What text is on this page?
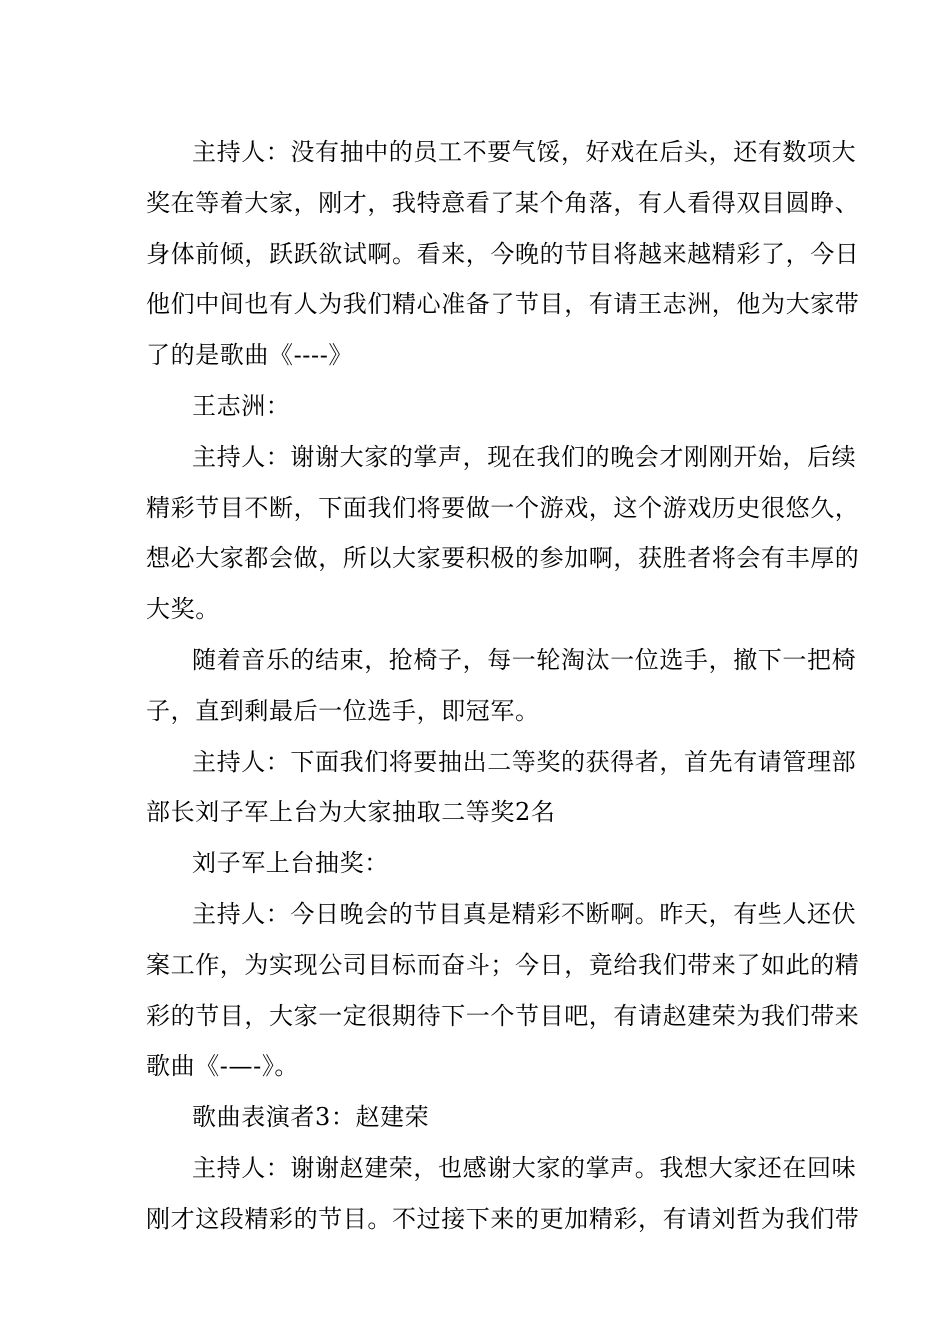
主持人：没有抽中的员工不要气馁，好戏在后头，还有数项大
奖在等着大家，刚才，我特意看了某个角落，有人看得双目圆睁、
身体前倾，跃跃欲试啊。看来，今晚的节目将越来越精彩了，今日
他们中间也有人为我们精心准备了节目，有请王志洲，他为大家带
了的是歌曲《----》
王志洲：
主持人：谢谢大家的掌声，现在我们的晚会才刚刚开始，后续
精彩节目不断，下面我们将要做一个游戏，这个游戏历史很悠久，
想必大家都会做，所以大家要积极的参加啊，获胜者将会有丰厚的
大奖。
随着音乐的结束，抢椅子，每一轮淘汰一位选手，撤下一把椅
子，直到剩最后一位选手，即冠军。
主持人：下面我们将要抽出二等奖的获得者，首先有请管理部
部长刘子军上台为大家抽取二等奖2名
刘子军上台抽奖：
主持人：今日晚会的节目真是精彩不断啊。昨天，有些人还伏
案工作，为实现公司目标而奋斗；今日，竟给我们带来了如此的精
彩的节目，大家一定很期待下一个节目吧，有请赵建荣为我们带来
歌曲《-—-》。
歌曲表演者3：赵建荣
主持人：谢谢赵建荣，也感谢大家的掌声。我想大家还在回味
刚才这段精彩的节目。不过接下来的更加精彩，有请刘哲为我们带
